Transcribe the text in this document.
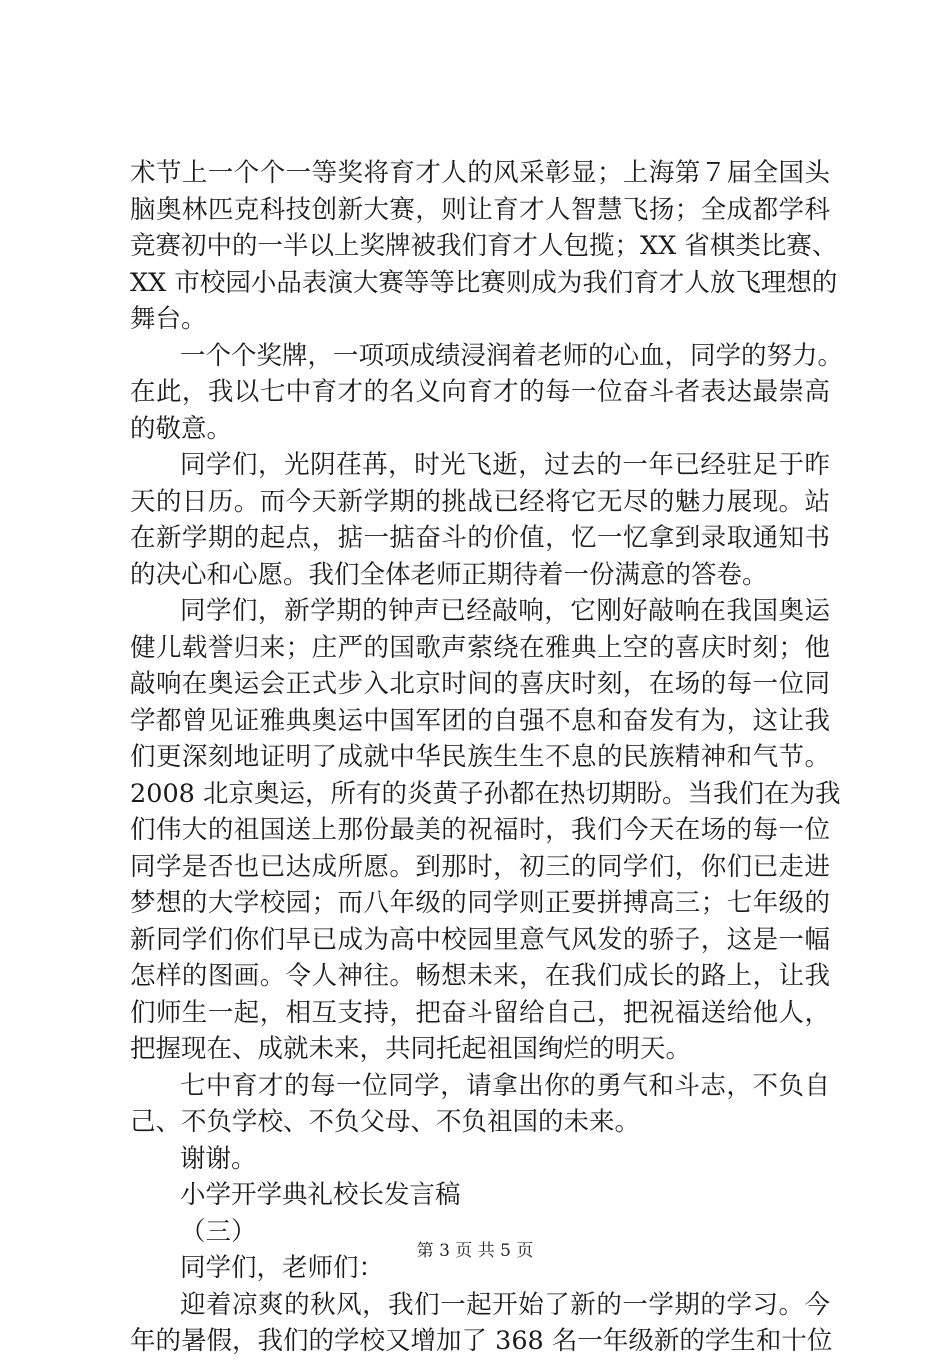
术节上一个个一等奖将育才人的风采彰显；上海第７届全国头
脑奥林匹克科技创新大赛，则让育才人智慧飞扬；全成都学科
竞赛初中的一半以上奖牌被我们育才人包揽；XX 省棋类比赛、
XX 市校园小品表演大赛等等比赛则成为我们育才人放飞理想的
舞台。
一个个奖牌，一项项成绩浸润着老师的心血，同学的努力。
在此，我以七中育才的名义向育才的每一位奋斗者表达最崇高
的敬意。
同学们，光阴荏苒，时光飞逝，过去的一年已经驻足于昨
天的日历。而今天新学期的挑战已经将它无尽的魅力展现。站
在新学期的起点，掂一掂奋斗的价值，忆一忆拿到录取通知书
的决心和心愿。我们全体老师正期待着一份满意的答卷。
同学们，新学期的钟声已经敲响，它刚好敲响在我国奥运
健儿载誉归来；庄严的国歌声萦绕在雅典上空的喜庆时刻；他
敲响在奥运会正式步入北京时间的喜庆时刻，在场的每一位同
学都曾见证雅典奥运中国军团的自强不息和奋发有为，这让我
们更深刻地证明了成就中华民族生生不息的民族精神和气节。
2008 北京奥运，所有的炎黄子孙都在热切期盼。当我们在为我
们伟大的祖国送上那份最美的祝福时，我们今天在场的每一位
同学是否也已达成所愿。到那时，初三的同学们，你们已走进
梦想的大学校园；而八年级的同学则正要拼搏高三；七年级的
新同学们你们早已成为高中校园里意气风发的骄子，这是一幅
怎样的图画。令人神往。畅想未来，在我们成长的路上，让我
们师生一起，相互支持，把奋斗留给自己，把祝福送给他人，
把握现在、成就未来，共同托起祖国绚烂的明天。
七中育才的每一位同学，请拿出你的勇气和斗志，不负自
己、不负学校、不负父母、不负祖国的未来。
谢谢。
小学开学典礼校长发言稿
（三）
同学们，老师们：
迎着凉爽的秋风，我们一起开始了新的一学期的学习。今
年的暑假，我们的学校又增加了 368 名一年级新的学生和十位
第 3 页 共 5 页
